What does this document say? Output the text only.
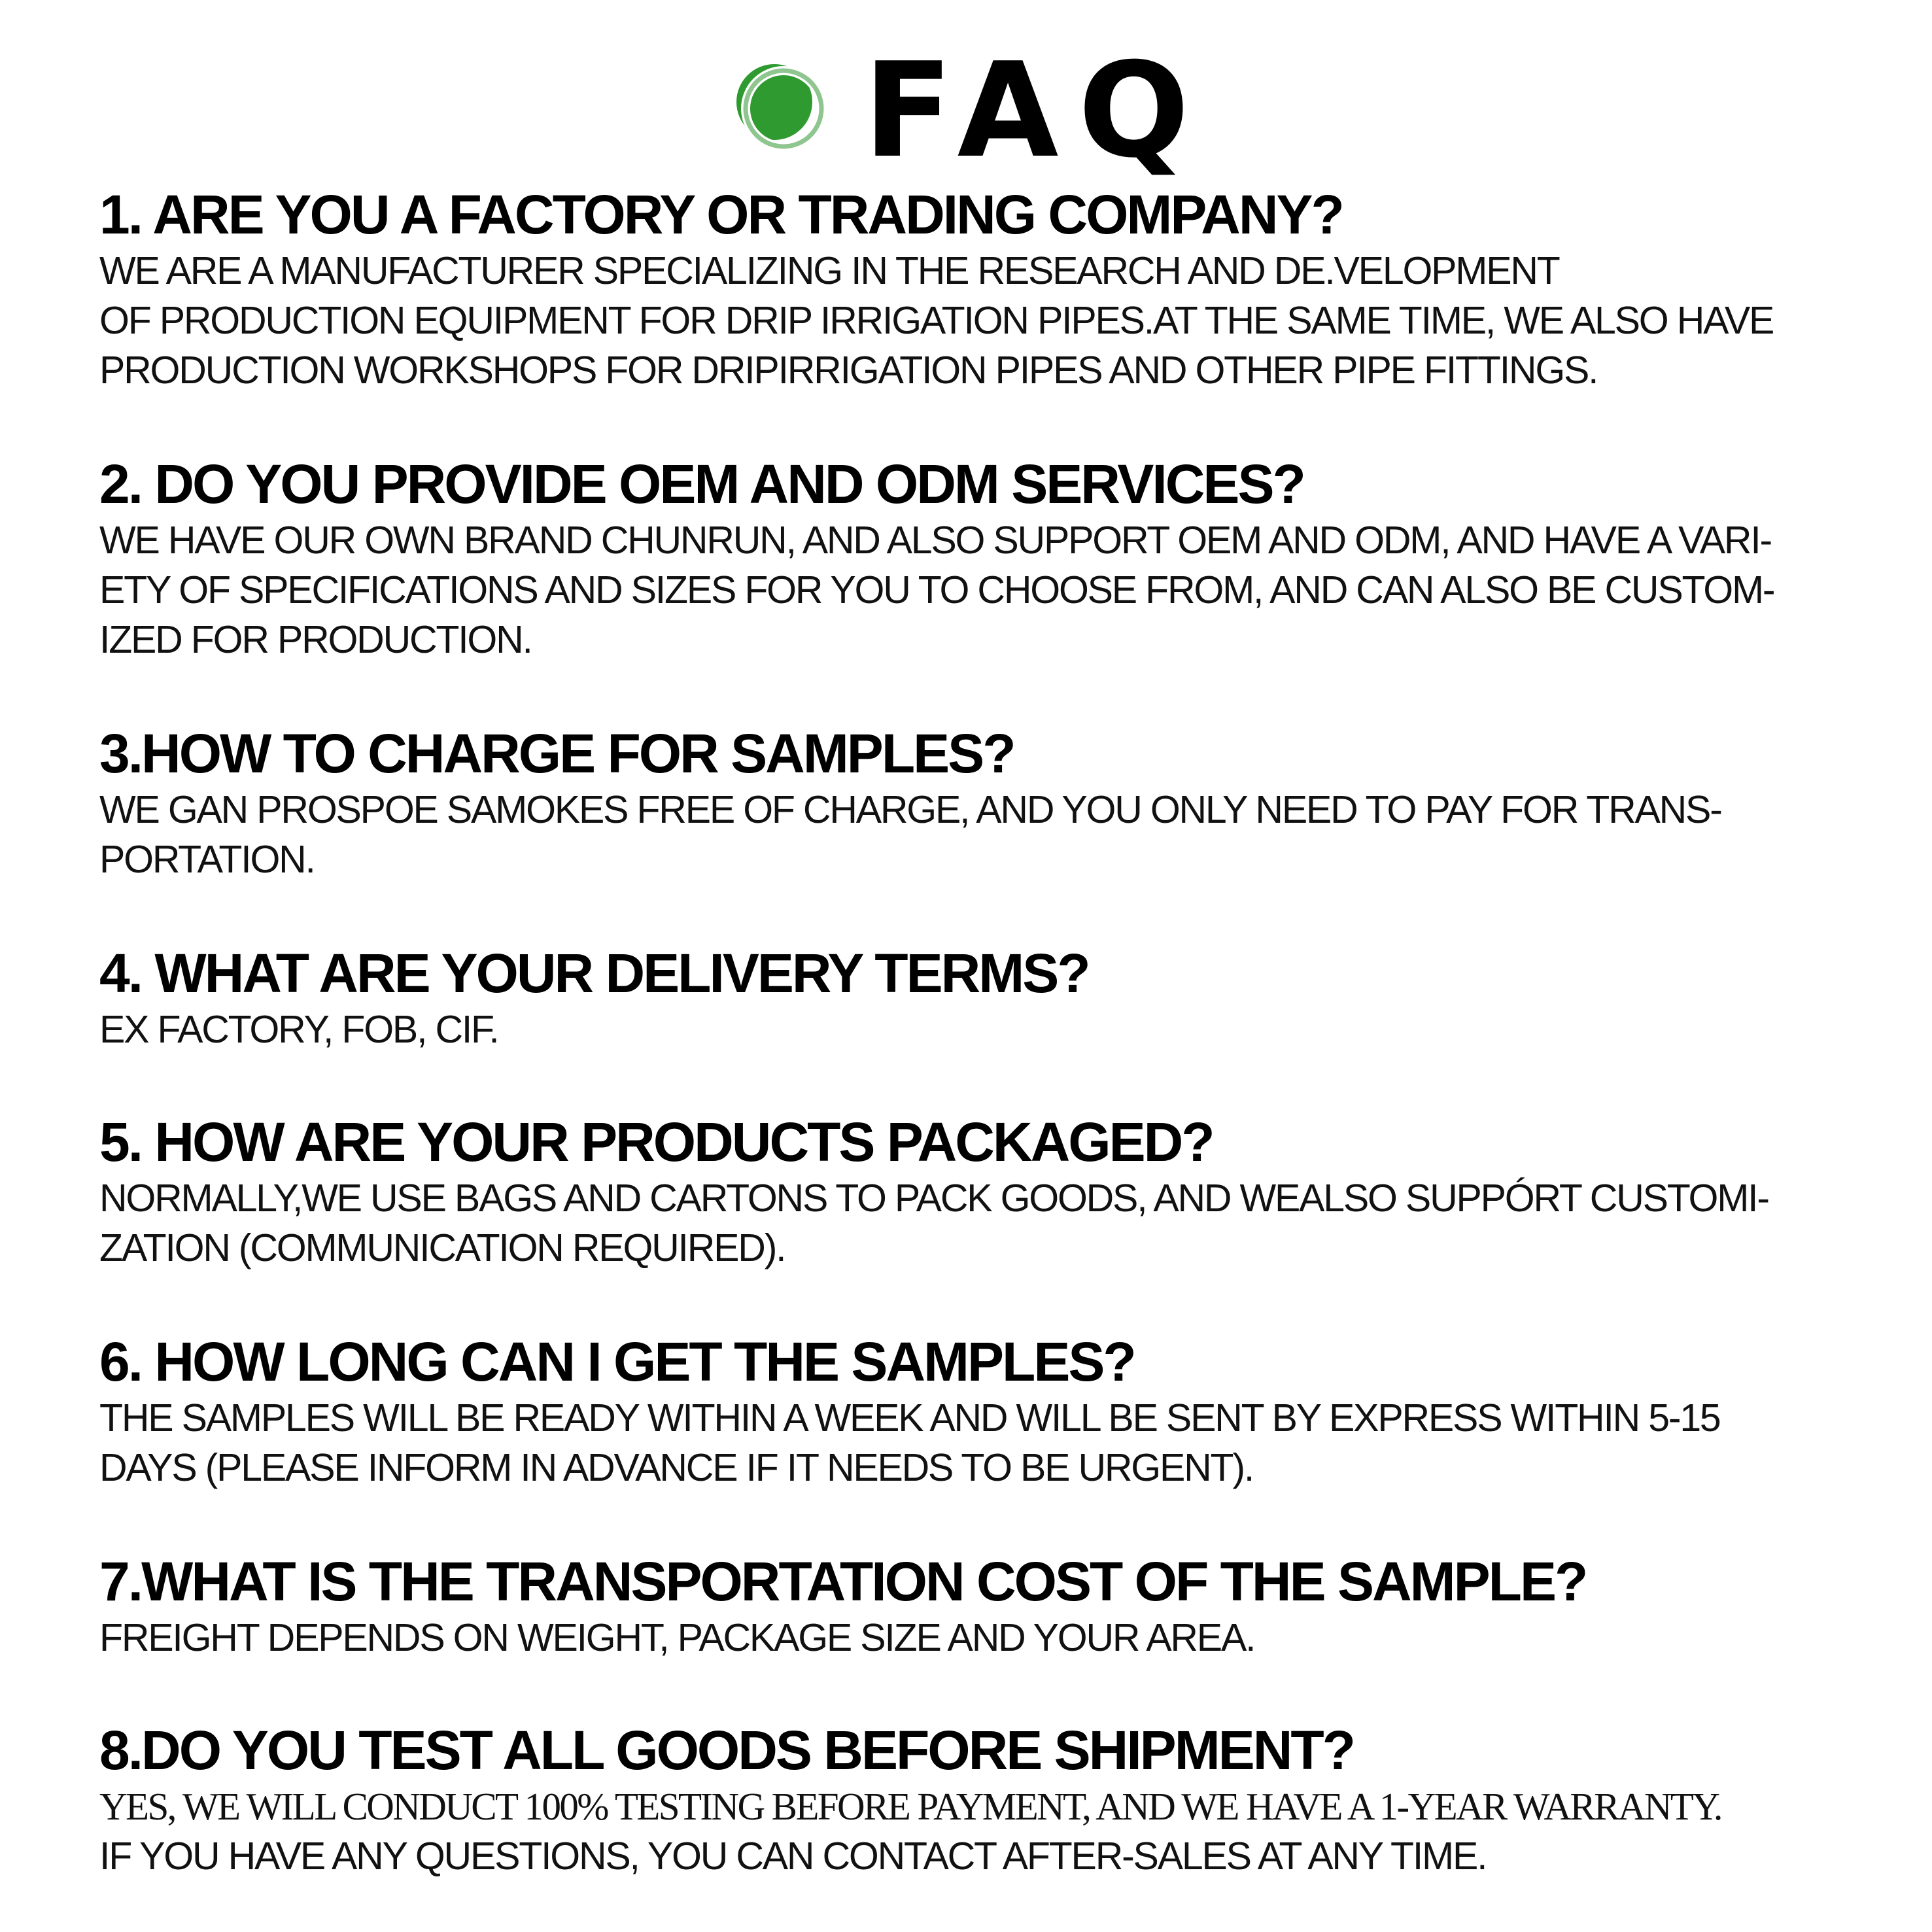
FAQ
1. ARE YOU A FACTORY OR TRADING COMPANY?
WE ARE A MANUFACTURER SPECIALIZING IN THE RESEARCH AND DE.VELOPMENT
OF PRODUCTION EQUIPMENT FOR DRIP IRRIGATION PIPES.AT THE SAME TIME, WE ALSO HAVE
PRODUCTION WORKSHOPS FOR DRIPIRRIGATION PIPES AND OTHER PIPE FITTINGS.
2. DO YOU PROVIDE OEM AND ODM SERVICES?
WE HAVE OUR OWN BRAND CHUNRUN, AND ALSO SUPPORT OEM AND ODM, AND HAVE A VARI-
ETY OF SPECIFICATIONS AND SIZES FOR YOU TO CHOOSE FROM, AND CAN ALSO BE CUSTOM-
IZED FOR PRODUCTION.
3.HOW TO CHARGE FOR SAMPLES?
WE GAN PROSPOE SAMOKES FREE OF CHARGE, AND YOU ONLY NEED TO PAY FOR TRANS-
PORTATION.
4. WHAT ARE YOUR DELIVERY TERMS?
EX FACTORY, FOB, CIF.
5. HOW ARE YOUR PRODUCTS PACKAGED?
NORMALLY,WE USE BAGS AND CARTONS TO PACK GOODS, AND WEALSO SUPPÓRT CUSTOMI-
ZATION (COMMUNICATION REQUIRED).
6. HOW LONG CAN I GET THE SAMPLES?
THE SAMPLES WILL BE READY WITHIN A WEEK AND WILL BE SENT BY EXPRESS WITHIN 5-15
DAYS (PLEASE INFORM IN ADVANCE IF IT NEEDS TO BE URGENT).
7.WHAT IS THE TRANSPORTATION COST OF THE SAMPLE?
FREIGHT DEPENDS ON WEIGHT, PACKAGE SIZE AND YOUR AREA.
8.DO YOU TEST ALL GOODS BEFORE SHIPMENT?
YES, WE WILL CONDUCT 100% TESTING BEFORE PAYMENT, AND WE HAVE A 1-YEAR WARRANTY.
IF YOU HAVE ANY QUESTIONS, YOU CAN CONTACT AFTER-SALES AT ANY TIME.
